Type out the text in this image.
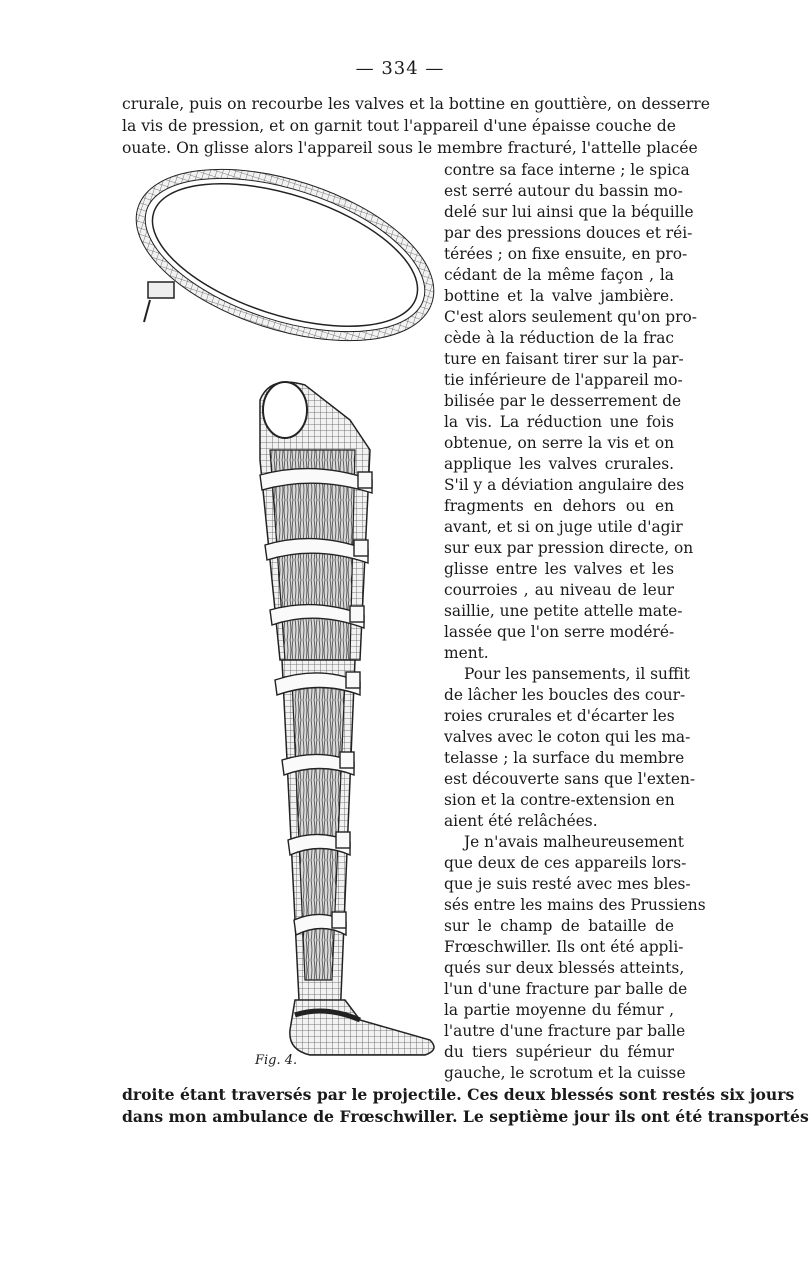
— 334 —
crurale, puis on recourbe les valves et la bottine en gouttière, on desserre
la vis de pression, et on garnit tout l'appareil d'une épaisse couche de
ouate. On glisse alors l'appareil sous le membre fracturé, l'attelle placée
contre sa face interne ; le spica
est serré autour du bassin mo-
delé sur lui ainsi que la béquille
par des pressions douces et réi-
térées ; on fixe ensuite, en pro-
cédant de la même façon , la
bottine et la valve jambière.
C'est alors seulement qu'on pro-
cède à la réduction de la frac
ture en faisant tirer sur la par-
tie inférieure de l'appareil mo-
bilisée par le desserrement de
la vis. La réduction une fois
obtenue, on serre la vis et on
applique les valves crurales.
S'il y a déviation angulaire des
fragments en dehors ou en
avant, et si on juge utile d'agir
sur eux par pression directe, on
glisse entre les valves et les
courroies , au niveau de leur
saillie, une petite attelle mate-
lassée que l'on serre modéré-
ment.
Pour les pansements, il suffit
de lâcher les boucles des cour-
roies crurales et d'écarter les
valves avec le coton qui les ma-
telasse ; la surface du membre
est découverte sans que l'exten-
sion et la contre-extension en
aient été relâchées.
Je n'avais malheureusement
que deux de ces appareils lors-
que je suis resté avec mes bles-
sés entre les mains des Prussiens
sur le champ de bataille de
Frœschwiller. Ils ont été appli-
qués sur deux blessés atteints,
l'un d'une fracture par balle de
la partie moyenne du fémur ,
l'autre d'une fracture par balle
du tiers supérieur du fémur
gauche, le scrotum et la cuisse
droite étant traversés par le projectile. Ces deux blessés sont restés six jours
dans mon ambulance de Frœschwiller. Le septième jour ils ont été transportés
Fig. 4.
